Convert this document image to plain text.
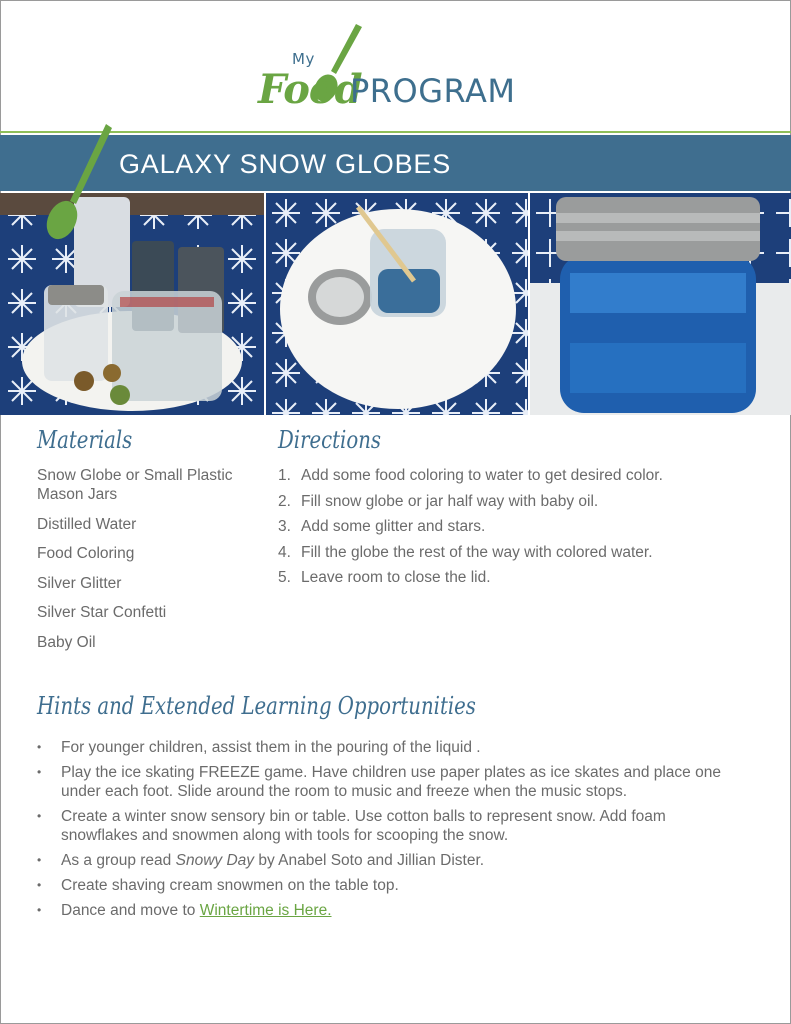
My
Food
PROGRAM
GALAXY SNOW GLOBES
Materials
Snow Globe or Small Plastic Mason Jars
Distilled Water
Food Coloring
Silver Glitter
Silver Star Confetti
Baby Oil
Directions
1. Add some food coloring to water to get desired color.
2. Fill snow globe or jar half way with baby oil.
3. Add some glitter and stars.
4. Fill the globe the rest of the way with colored water.
5. Leave room to close the lid.
Hints and Extended Learning Opportunities
•	For younger children, assist them in the pouring of the liquid .
•	Play the ice skating FREEZE game. Have children use paper plates as ice skates and place one under each foot. Slide around the room to music and freeze when the music stops.
•	Create a winter snow sensory bin or table. Use cotton balls to represent snow. Add foam snowflakes and snowmen along with tools for scooping the snow.
•	As a group read Snowy Day by Anabel Soto and Jillian Dister.
•	Create shaving cream snowmen on the table top.
•	Dance and move to Wintertime is Here.
